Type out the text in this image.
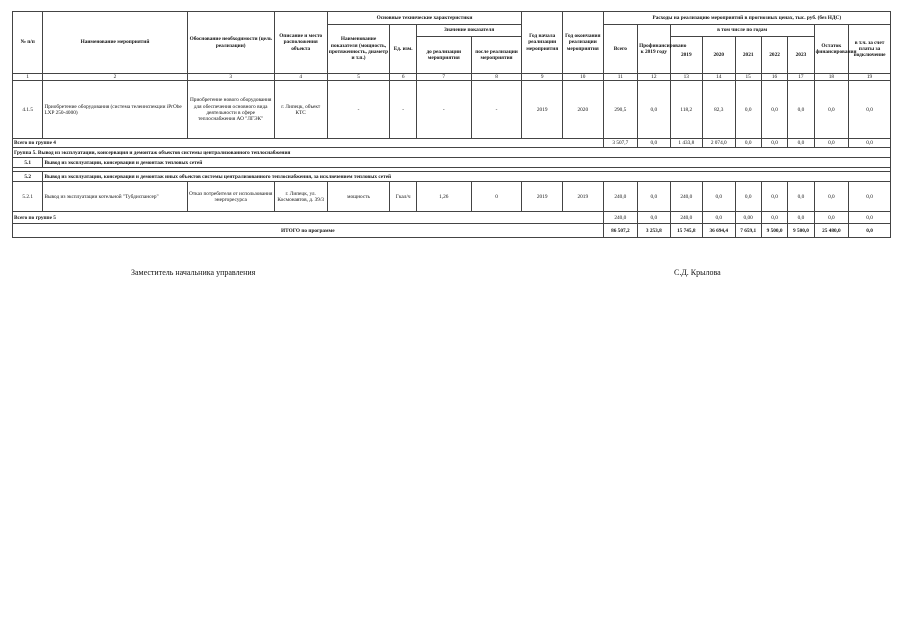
№ п/п	Наименование мероприятий	Обоснование необходимости (цель реализации)	Описание и место расположения объекта	Основные технические характеристики				Год начала реализации мероприятия	Год окончания реализации мероприятия	Расходы на реализацию мероприятий в прогнозных ценах, тыс. руб. (без НДС)								
				Наименование показателя (мощность, протяженность, диаметр и т.п.)	Ед. изм.	Значение показателя				Всего	Профинансировано к 2019 году	в том числе по годам					Остаток финансирования	в т.ч. за счет платы за подключение
						до реализации мероприятия	после реализации мероприятия					2019	2020	2021	2022	2023		

1	2	3	4	5	6	7	8	9	10	11	12	13	14	15	16	17	18	19
4.1.5	Приобретение оборудования (система телеинспекции iPrObe LXP 250-4000)	Приобретение нового оборудования для обеспечения основного вида деятельности в сфере теплоснабжения АО "ЛГЭК"	г. Липецк, объект КТС	-	-	-	-	2019	2020	290,5	0,0	118,2	82,3	0,0	0,0	0,0	0,0	0,0
Всего по группе 4										3 507,7	0,0	1 433,8	2 074,0	0,0	0,0	0,0	0,0	0,0
Группа 5. Вывод из эксплуатации, консервация и демонтаж объектов системы централизованного теплоснабжения																		
5.1	Вывод из эксплуатации, консервация и демонтаж тепловых сетей																	

5.2	Вывод из эксплуатации, консервация и демонтаж иных объектов системы централизованного теплоснабжения, за исключением тепловых сетей																	
5.2.1	Вывод из эксплуатации котельной "Тубдиспансер"	Отказ потребителя от использования энергоресурса	г. Липецк, ул. Космонавтов, д. 39/3	мощность	Гкал/ч	1,26	0	2019	2019	240,0	0,0	240,0	0,0	0,0	0,0	0,0	0,0	0,0
Всего по группе 5										240,0	0,0	240,0	0,0	0,00	0,0	0,0	0,0	0,0
ИТОГО по программе										86 507,2	3 253,8	15 745,8	36 694,4	7 659,1	9 500,0	9 500,0	25 480,0	0,0
Заместитель начальника управления	С.Д. Крылова
